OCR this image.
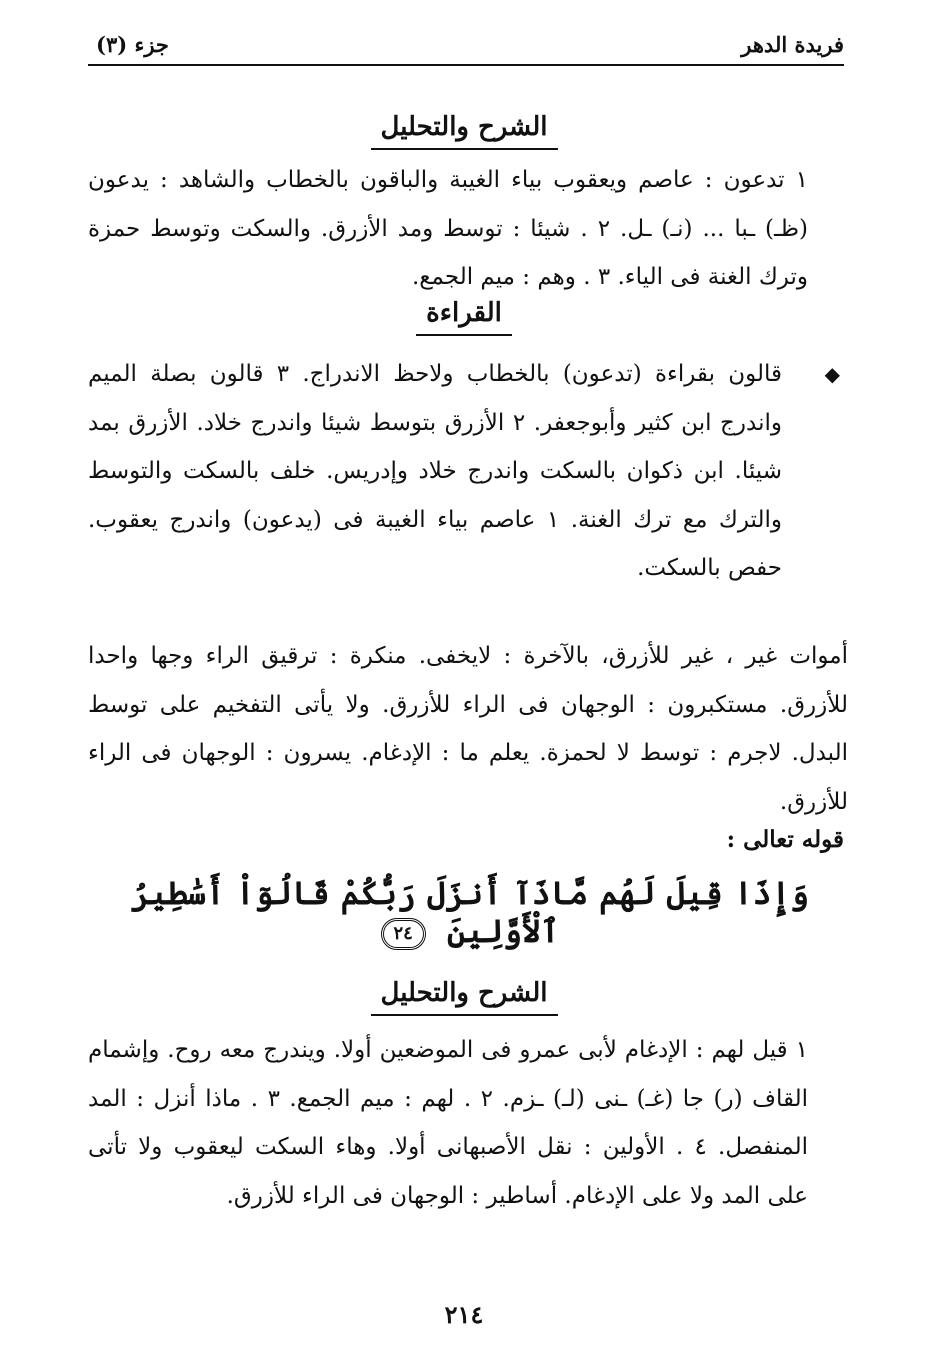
جزء (٣)	فريدة الدهر
الشرح والتحليل
١ تدعون : عاصم ويعقوب بياء الغيبة والباقون بالخطاب والشاهد : يدعون (ظـ) ـبا ... (نـ) ـل. ٢ . شيئا : توسط ومد الأزرق. والسكت وتوسط حمزة وترك الغنة فى الياء. ٣ . وهم : ميم الجمع.
القراءة
◆
قالون بقراءة (تدعون) بالخطاب ولاحظ الاندراج. ٣ قالون بصلة الميم واندرج ابن كثير وأبوجعفر. ٢ الأزرق بتوسط شيئا واندرج خلاد. الأزرق بمد شيئا. ابن ذكوان بالسكت واندرج خلاد وإدريس. خلف بالسكت والتوسط والترك مع ترك الغنة. ١ عاصم بياء الغيبة فى (يدعون) واندرج يعقوب. حفص بالسكت.
أموات غير ، غير للأزرق، بالآخرة : لايخفى. منكرة : ترقيق الراء وجها واحدا للأزرق. مستكبرون : الوجهان فى الراء للأزرق. ولا يأتى التفخيم على توسط البدل. لاجرم : توسط لا لحمزة. يعلم ما : الإدغام. يسرون : الوجهان فى الراء للأزرق.
قوله تعالى :
وَإِذَا قِيلَ لَهُم مَّاذَآ أَنزَلَ رَبُّكُمْ قَالُوٓاْ أَسَٰطِيرُ ٱلْأَوَّلِينَ ٢٤
الشرح والتحليل
١ قيل لهم : الإدغام لأبى عمرو فى الموضعين أولا. ويندرج معه روح. وإشمام القاف (ر) جا (غـ) ـنى (لـ) ـزم. ٢ . لهم : ميم الجمع. ٣ . ماذا أنزل : المد المنفصل. ٤ . الأولين : نقل الأصبهانى أولا. وهاء السكت ليعقوب ولا تأتى على المد ولا على الإدغام. أساطير : الوجهان فى الراء للأزرق.
٢١٤
